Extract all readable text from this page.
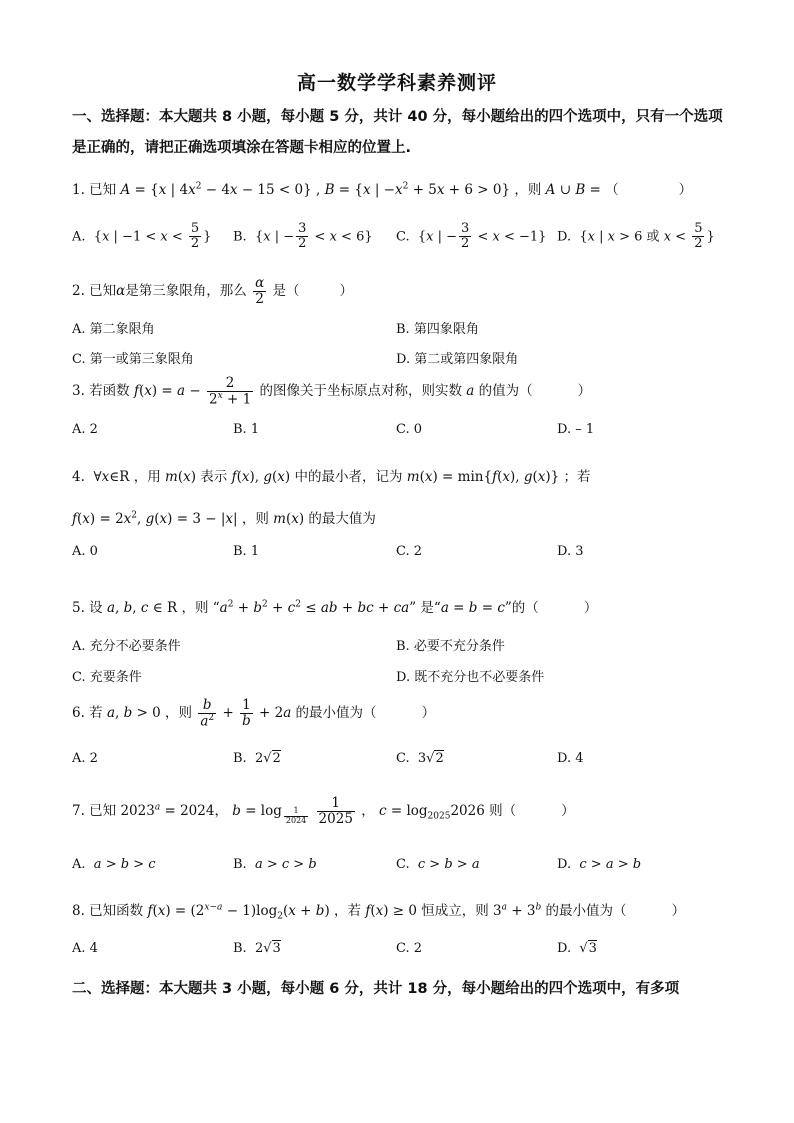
高一数学学科素养测评
一、选择题：本大题共 8 小题，每小题 5 分，共计 40 分，每小题给出的四个选项中，只有一个选项是正确的，请把正确选项填涂在答题卡相应的位置上.
1. 已知 A = {x | $4x^2 - 4x - 15 < 0$} , B = {x | $-x^2 + 5x + 6 > 0$} ，则 A ∪ B = （	）
A.  {x | $-1 < x < \frac{5}{2}$ } B.  {x | − $\frac{3}{2} < x < 6$} C.  {x | − $\frac{3}{2} < x < -1$} D.  {x | x > 6 或 $x < \frac{5}{2}$ }
2. 已知α是第三象限角，那么 $\frac{\alpha}{2}$ 是（	）
A. 第二象限角	B. 第四象限角
C. 第一或第三象限角	D. 第二或第四象限角
3. 若函数 $f(x) = a - \frac{2}{2^x + 1}$ 的图像关于坐标原点对称，则实数 a 的值为（	）
A. 2	B. 1	C. 0	D. – 1
4.  ∀x∈R ，用 m(x) 表示 f(x), g(x) 中的最小者，记为 m(x) = min{f(x), g(x)} ；若
$f(x) = 2x^2$, g(x) = 3 − |x| ，则 m(x) 的最大值为
A. 0	B. 1	C. 2	D. 3
5. 设 a, b, c ∈ R ，则 “$a^2 + b^2 + c^2$ ≤ ab + bc + ca” 是“a = b = c”的（	）
A. 充分不必要条件	B. 必要不充分条件
C. 充要条件	D. 既不充分也不必要条件
6. 若 a, b > 0 ，则 $\frac{b}{a^2} + \frac{1}{b} + 2a$ 的最小值为（	）
A. 2	B.  2√2	C.  3√2	D. 4
7. 已知 $2023^a = 2024$， b = log $_{\frac{1}{2024}}$
$\frac{1}{2025}$ ， $c = \log_{2025}2026$ 则（	）
A.  a > b > c	B.  a > c > b	C.  c > b > a	D.  c > a > b
8. 已知函数 $f(x) = (2^{x-a} - 1)\log_2(x + b)$ ，若 f(x) ≥ 0 恒成立，则 $3^a + 3^b$ 的最小值为（	）
A. 4	B.  2√3	C. 2	D.  √3
二、选择题：本大题共 3 小题，每小题 6 分，共计 18 分，每小题给出的四个选项中，有多项
